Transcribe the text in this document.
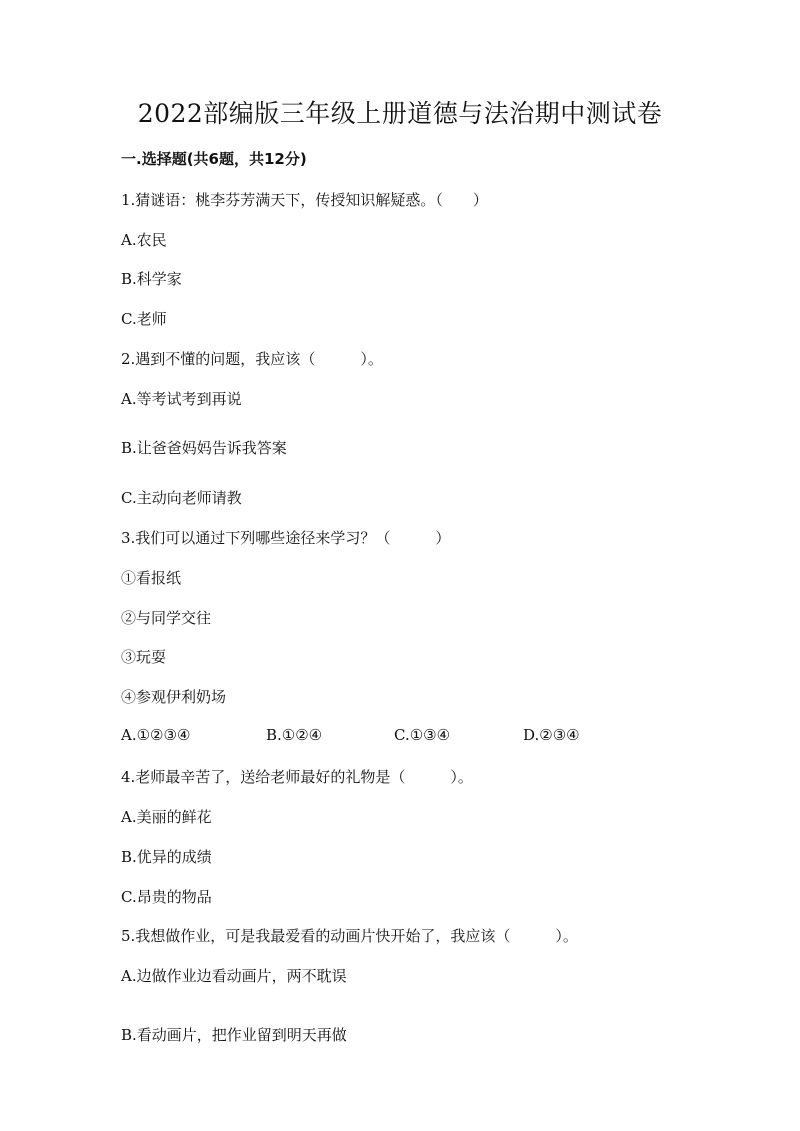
2022部编版三年级上册道德与法治期中测试卷
一.选择题(共6题，共12分)
1.猜谜语：桃李芬芳满天下，传授知识解疑惑。（　　）
A.农民
B.科学家
C.老师
2.遇到不懂的问题，我应该（　　　）。
A.等考试考到再说
B.让爸爸妈妈告诉我答案
C.主动向老师请教
3.我们可以通过下列哪些途径来学习？（　　　）
①看报纸
②与同学交往
③玩耍
④参观伊利奶场
A.①②③④	B.①②④	C.①③④	D.②③④
4.老师最辛苦了，送给老师最好的礼物是（　　　）。
A.美丽的鲜花
B.优异的成绩
C.昂贵的物品
5.我想做作业，可是我最爱看的动画片快开始了，我应该（　　　）。
A.边做作业边看动画片，两不耽误
B.看动画片，把作业留到明天再做
